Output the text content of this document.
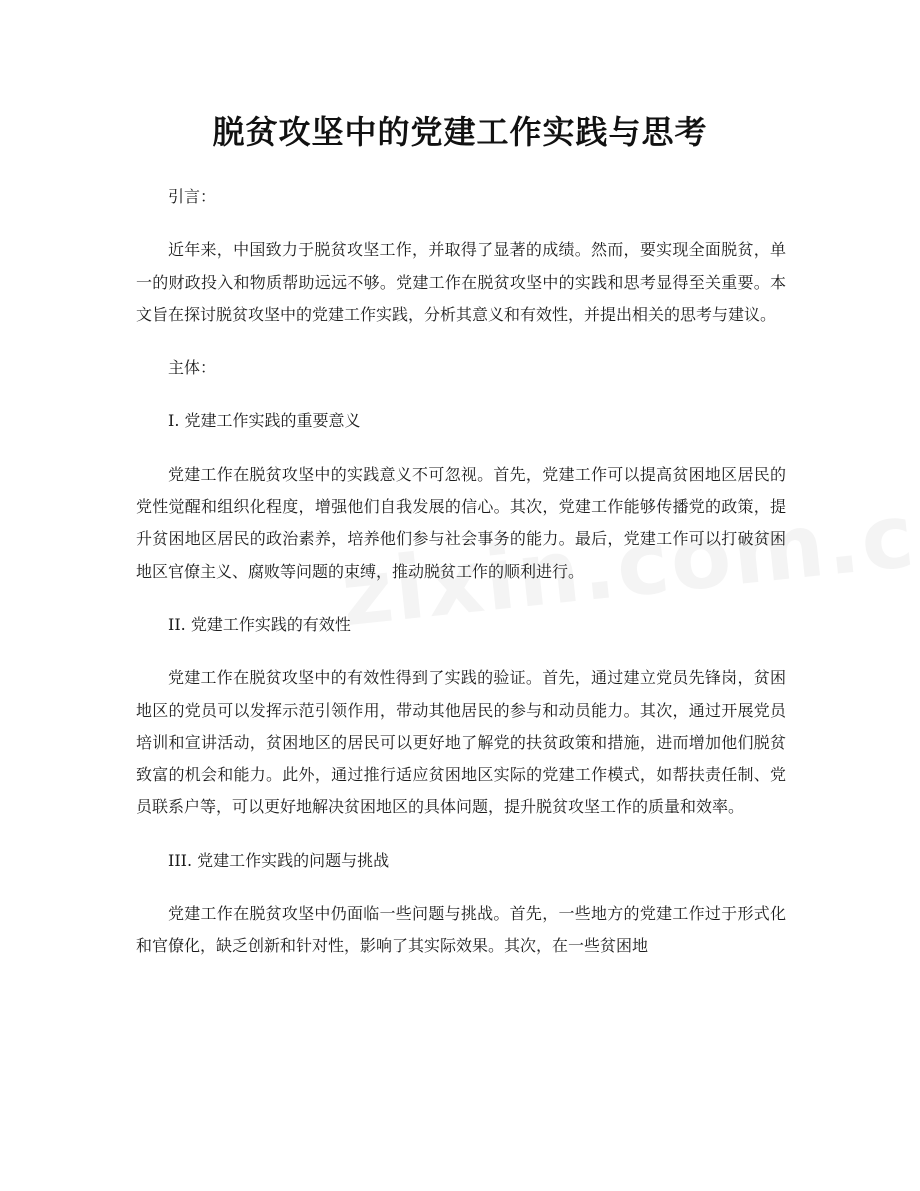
脱贫攻坚中的党建工作实践与思考

引言：

近年来，中国致力于脱贫攻坚工作，并取得了显著的成绩。然而，要实现全面脱贫，单一的财政投入和物质帮助远远不够。党建工作在脱贫攻坚中的实践和思考显得至关重要。本文旨在探讨脱贫攻坚中的党建工作实践，分析其意义和有效性，并提出相关的思考与建议。

主体：

I. 党建工作实践的重要意义

党建工作在脱贫攻坚中的实践意义不可忽视。首先，党建工作可以提高贫困地区居民的党性觉醒和组织化程度，增强他们自我发展的信心。其次，党建工作能够传播党的政策，提升贫困地区居民的政治素养，培养他们参与社会事务的能力。最后，党建工作可以打破贫困地区官僚主义、腐败等问题的束缚，推动脱贫工作的顺利进行。

II. 党建工作实践的有效性

党建工作在脱贫攻坚中的有效性得到了实践的验证。首先，通过建立党员先锋岗，贫困地区的党员可以发挥示范引领作用，带动其他居民的参与和动员能力。其次，通过开展党员培训和宣讲活动，贫困地区的居民可以更好地了解党的扶贫政策和措施，进而增加他们脱贫致富的机会和能力。此外，通过推行适应贫困地区实际的党建工作模式，如帮扶责任制、党员联系户等，可以更好地解决贫困地区的具体问题，提升脱贫攻坚工作的质量和效率。

III. 党建工作实践的问题与挑战

党建工作在脱贫攻坚中仍面临一些问题与挑战。首先，一些地方的党建工作过于形式化和官僚化，缺乏创新和针对性，影响了其实际效果。其次，在一些贫困地
